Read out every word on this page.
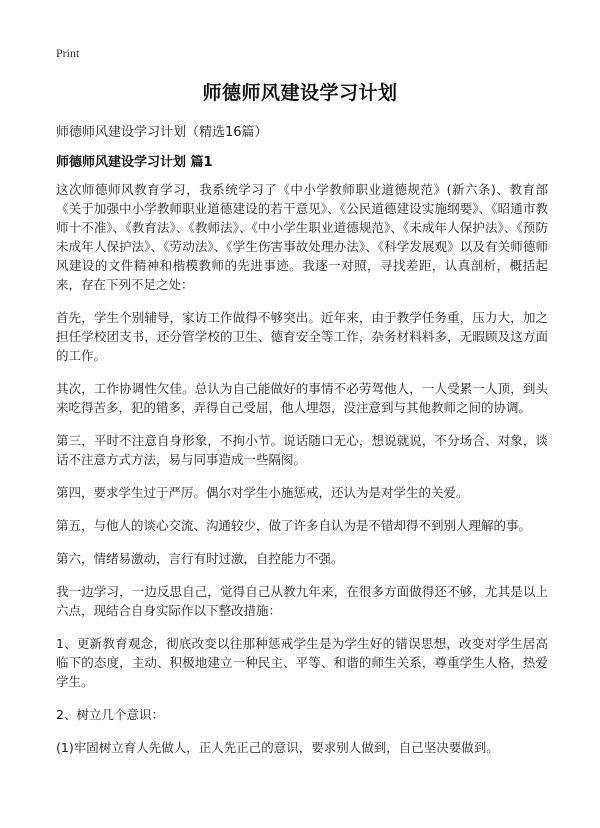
Print
师德师风建设学习计划
师德师风建设学习计划（精选16篇）
师德师风建设学习计划 篇1

这次师德师风教育学习，我系统学习了《中小学教师职业道德规范》(新六条)、教育部《关于加强中小学教师职业道德建设的若干意见》、《公民道德建设实施纲要》、《昭通市教师十不准》、《教育法》、《教师法》、《中小学生职业道德规范》、《未成年人保护法》、《预防未成年人保护法》、《劳动法》、《学生伤害事故处理办法》、《科学发展观》以及有关师德师风建设的文件精神和楷模教师的先进事迹。我逐一对照，寻找差距，认真剖析，概括起来，存在下列不足之处：

首先，学生个别辅导，家访工作做得不够突出。近年来，由于教学任务重，压力大，加之担任学校团支书，还分管学校的卫生、德育安全等工作，杂务材料料多，无暇顾及这方面的工作。

其次，工作协调性欠佳。总认为自己能做好的事情不必劳驾他人，一人受累一人顶，到头来吃得苦多，犯的错多，弄得自己受屈，他人埋怨，没注意到与其他教师之间的协调。

第三，平时不注意自身形象，不拘小节。说话随口无心，想说就说，不分场合、对象，谈话不注意方式方法，易与同事造成一些隔阂。

第四，要求学生过于严厉。偶尔对学生小施惩戒，还认为是对学生的关爱。

第五，与他人的谈心交流、沟通较少，做了许多自认为是不错却得不到别人理解的事。

第六，情绪易激动，言行有时过激，自控能力不强。

我一边学习，一边反思自己，觉得自己从教九年来，在很多方面做得还不够，尤其是以上六点，现结合自身实际作以下整改措施：

1、更新教育观念，彻底改变以往那种惩戒学生是为学生好的错误思想，改变对学生居高临下的态度，主动、积极地建立一种民主、平等、和谐的师生关系，尊重学生人格，热爱学生。

2、树立几个意识：

(1)牢固树立育人先做人，正人先正己的意识，要求别人做到，自己坚决要做到。
